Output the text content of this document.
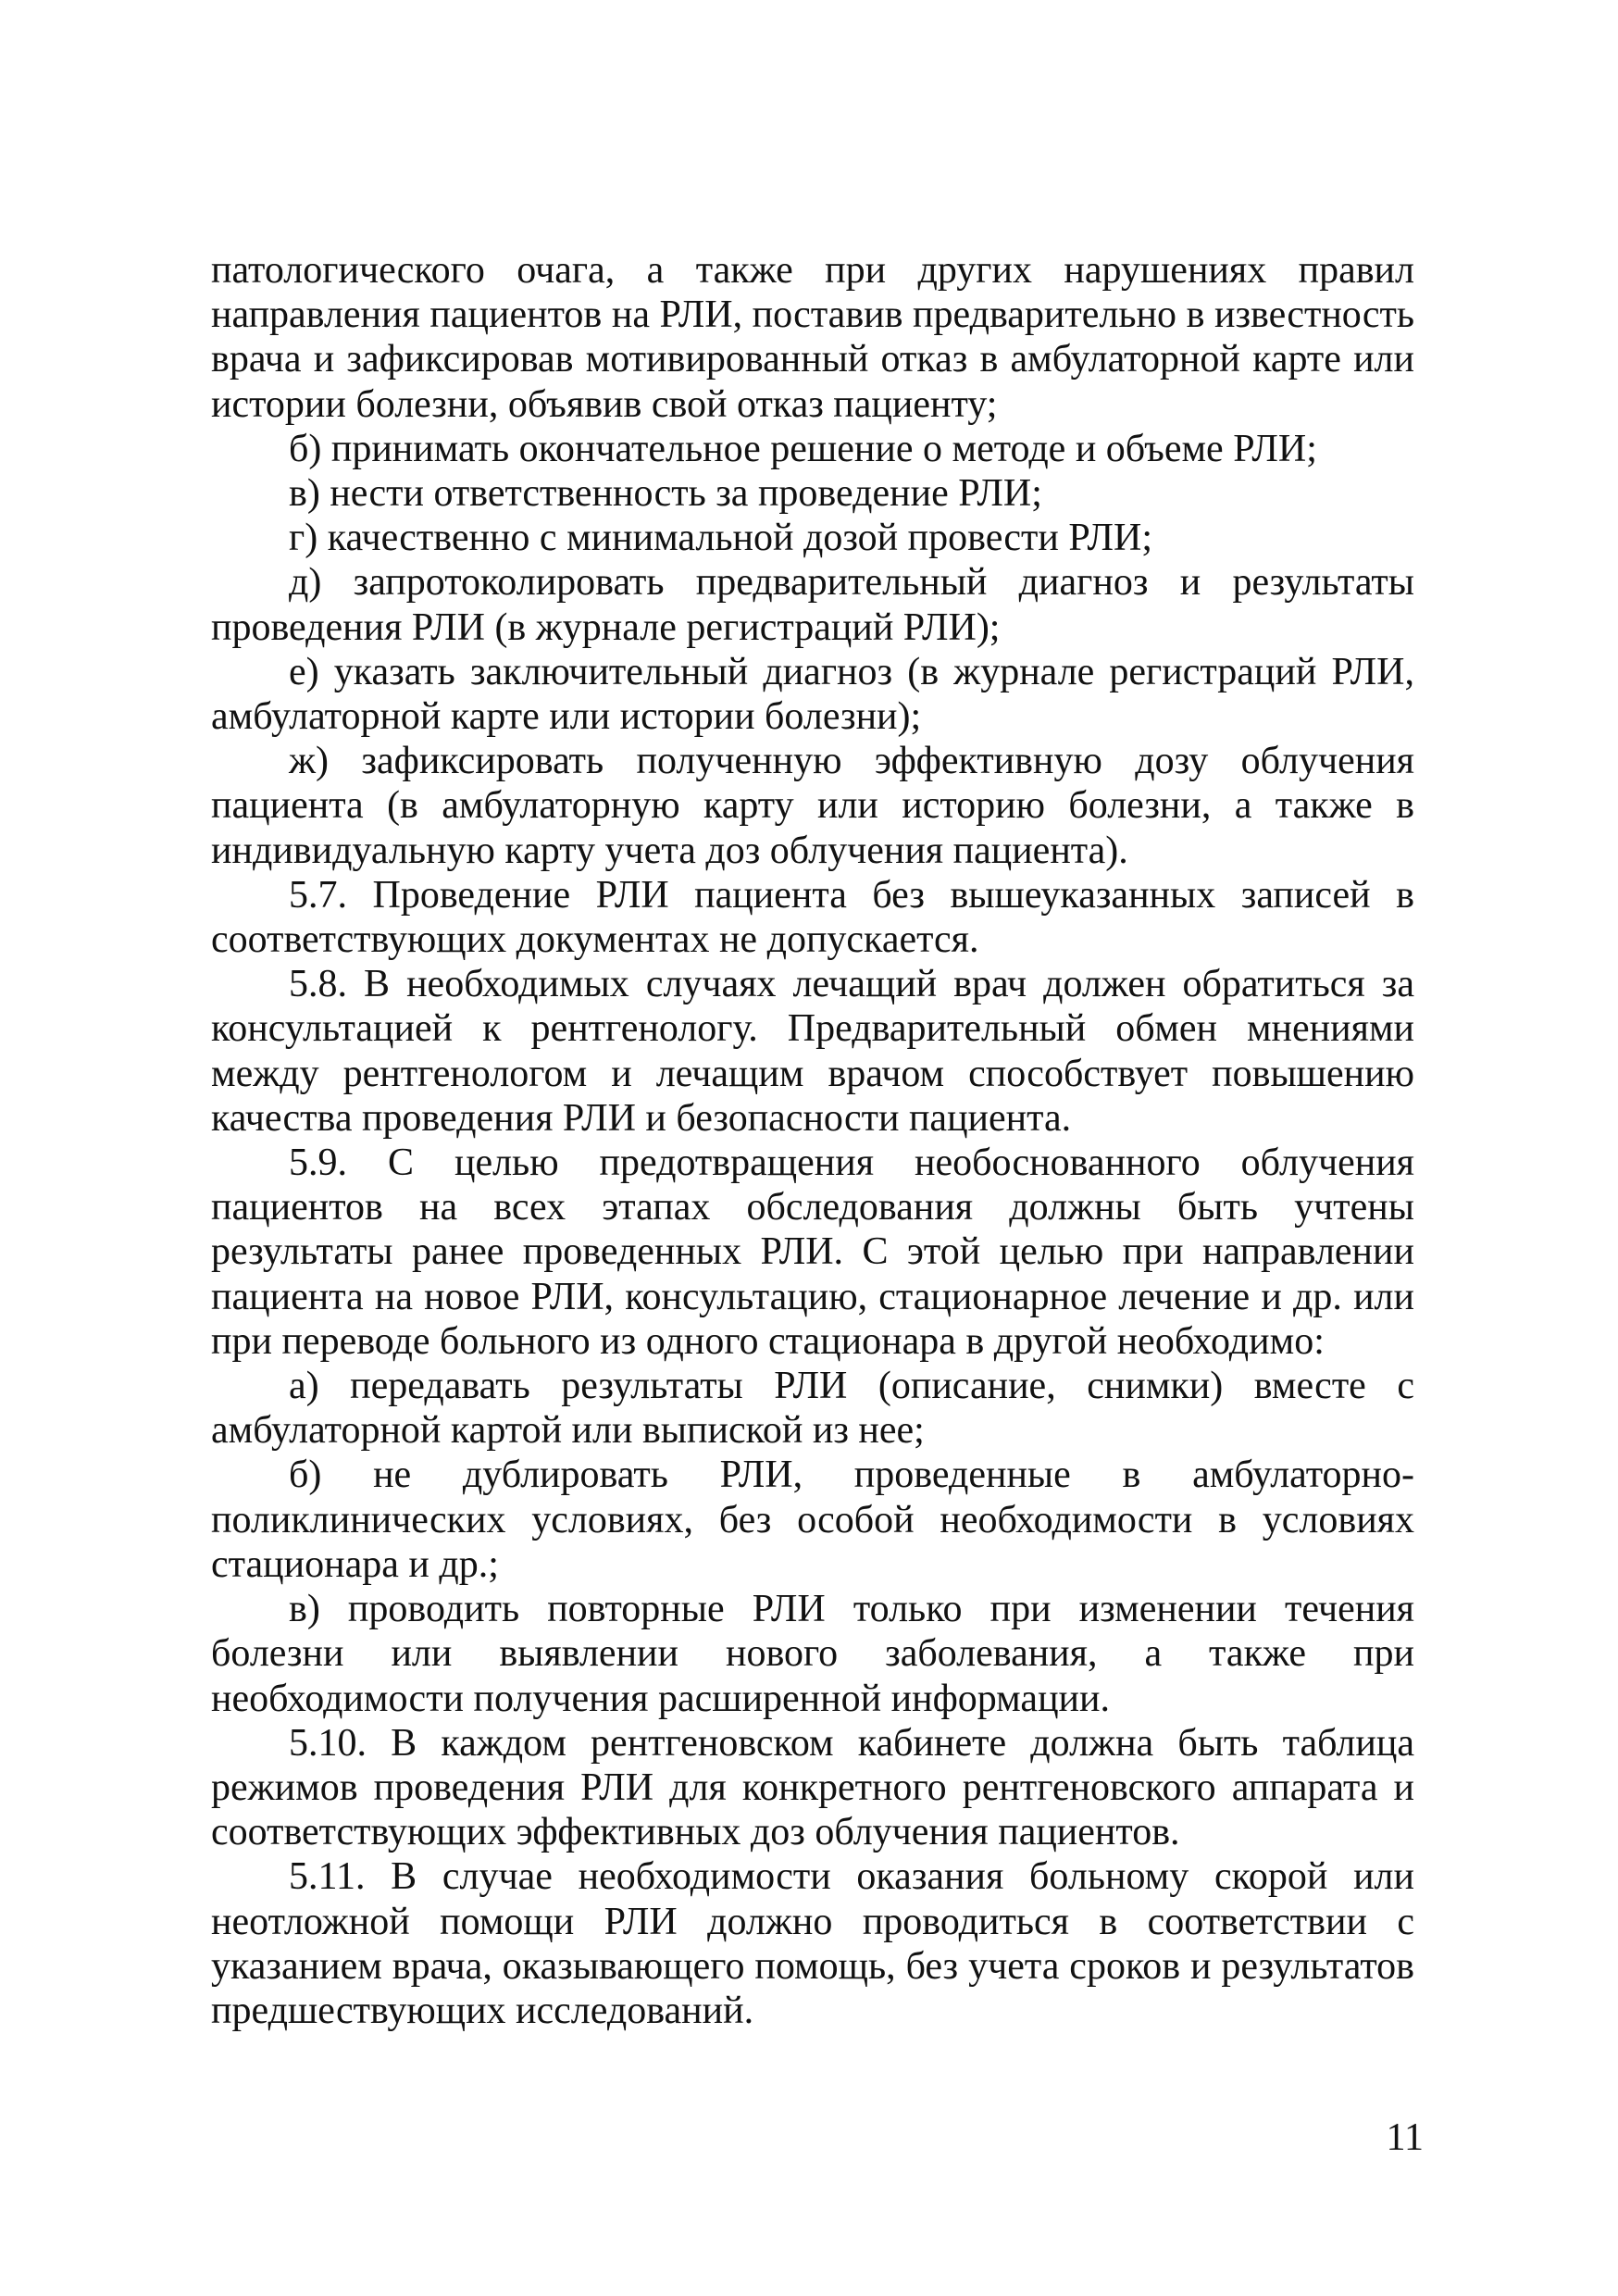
патологического очага, а также при других нарушениях правил направления пациентов на РЛИ, поставив предварительно в известность врача и зафиксировав мотивированный отказ в амбулаторной карте или истории болезни, объявив свой отказ пациенту;

б) принимать окончательное решение о методе и объеме РЛИ;

в) нести ответственность за проведение РЛИ;

г) качественно с минимальной дозой провести РЛИ;

д) запротоколировать предварительный диагноз и результаты проведения РЛИ (в журнале регистраций РЛИ);

е) указать заключительный диагноз (в журнале регистраций РЛИ, амбулаторной карте или истории болезни);

ж) зафиксировать полученную эффективную дозу облучения пациента (в амбулаторную карту или историю болезни, а также в индивидуальную карту учета доз облучения пациента).

5.7. Проведение РЛИ пациента без вышеуказанных записей в соответствующих документах не допускается.

5.8. В необходимых случаях лечащий врач должен обратиться за консультацией к рентгенологу. Предварительный обмен мнениями между рентгенологом и лечащим врачом способствует повышению качества проведения РЛИ и безопасности пациента.

5.9. С целью предотвращения необоснованного облучения пациентов на всех этапах обследования должны быть учтены результаты ранее проведенных РЛИ. С этой целью при направлении пациента на новое РЛИ, консультацию, стационарное лечение и др. или при переводе больного из одного стационара в другой необходимо:

а) передавать результаты РЛИ (описание, снимки) вместе с амбулаторной картой или выпиской из нее;

б) не дублировать РЛИ, проведенные в амбулаторно-поликлинических условиях, без особой необходимости в условиях стационара и др.;

в) проводить повторные РЛИ только при изменении течения болезни или выявлении нового заболевания, а также при необходимости получения расширенной информации.

5.10. В каждом рентгеновском кабинете должна быть таблица режимов проведения РЛИ для конкретного рентгеновского аппарата и соответствующих эффективных доз облучения пациентов.

5.11. В случае необходимости оказания больному скорой или неотложной помощи РЛИ должно проводиться в соответствии с указанием врача, оказывающего помощь, без учета сроков и результатов предшествующих исследований.

11
